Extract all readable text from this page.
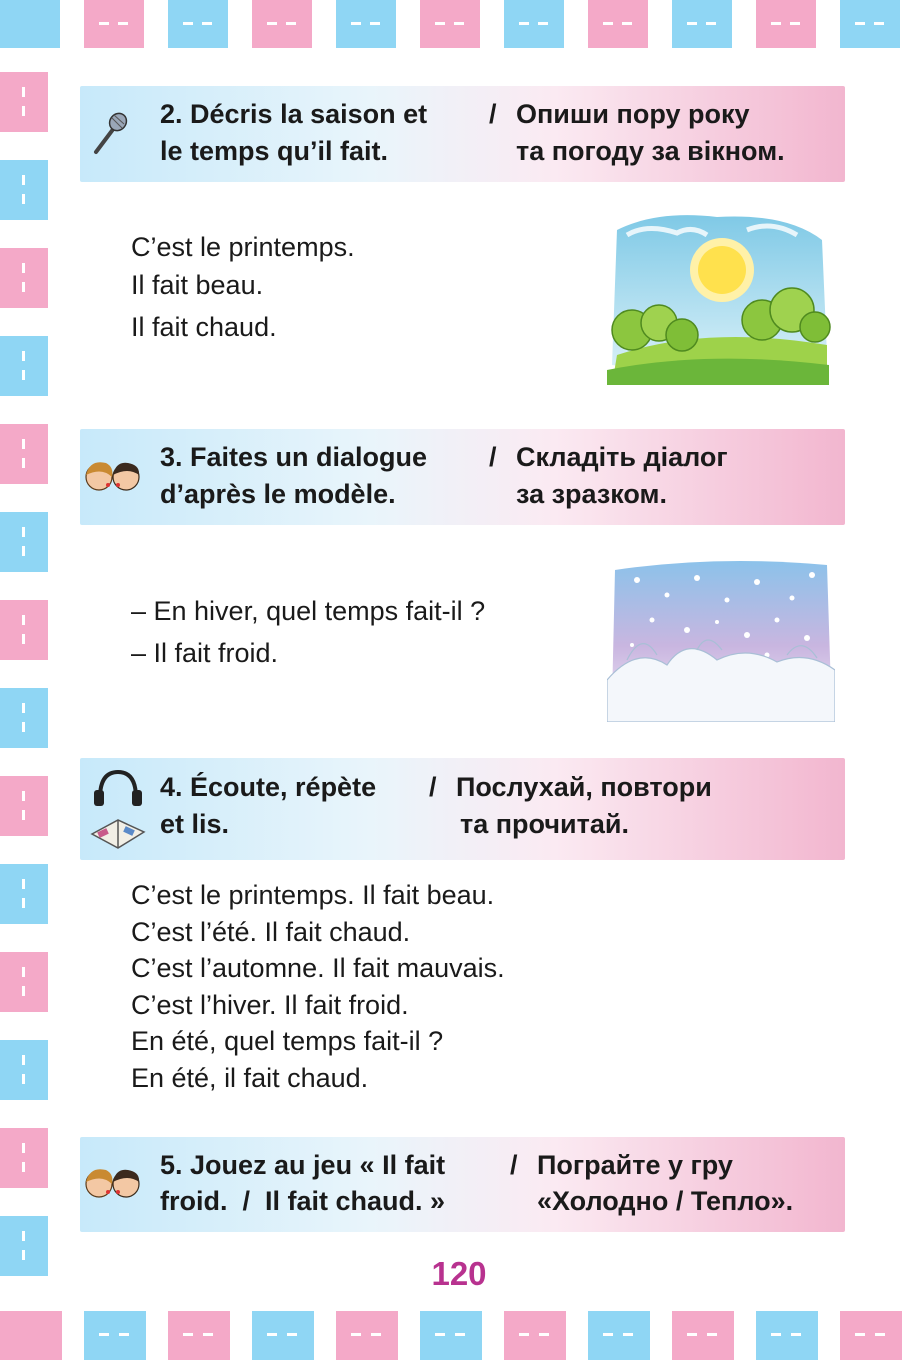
2. Décris la saison et
le temps qu’il fait.
/ Опиши пору року
та погоду за вікном.
C’est le printemps.
Il fait beau.
Il fait chaud.
3. Faites un dialogue
d’après le modèle.
/ Складіть діалог
за зразком.
– En hiver, quel temps fait-il ?
– Il fait froid.
4. Écoute, répète
et lis.
/ Послухай, повтори
та прочитай.
C’est le printemps. Il fait beau.
C’est l’été. Il fait chaud.
C’est l’automne. Il fait mauvais.
C’est l’hiver. Il fait froid.
En été, quel temps fait-il ?
En été, il fait chaud.
5. Jouez au jeu « Il fait
froid.  /  Il fait chaud. »
/ Пограйте у гру
«Холодно / Тепло».
120
